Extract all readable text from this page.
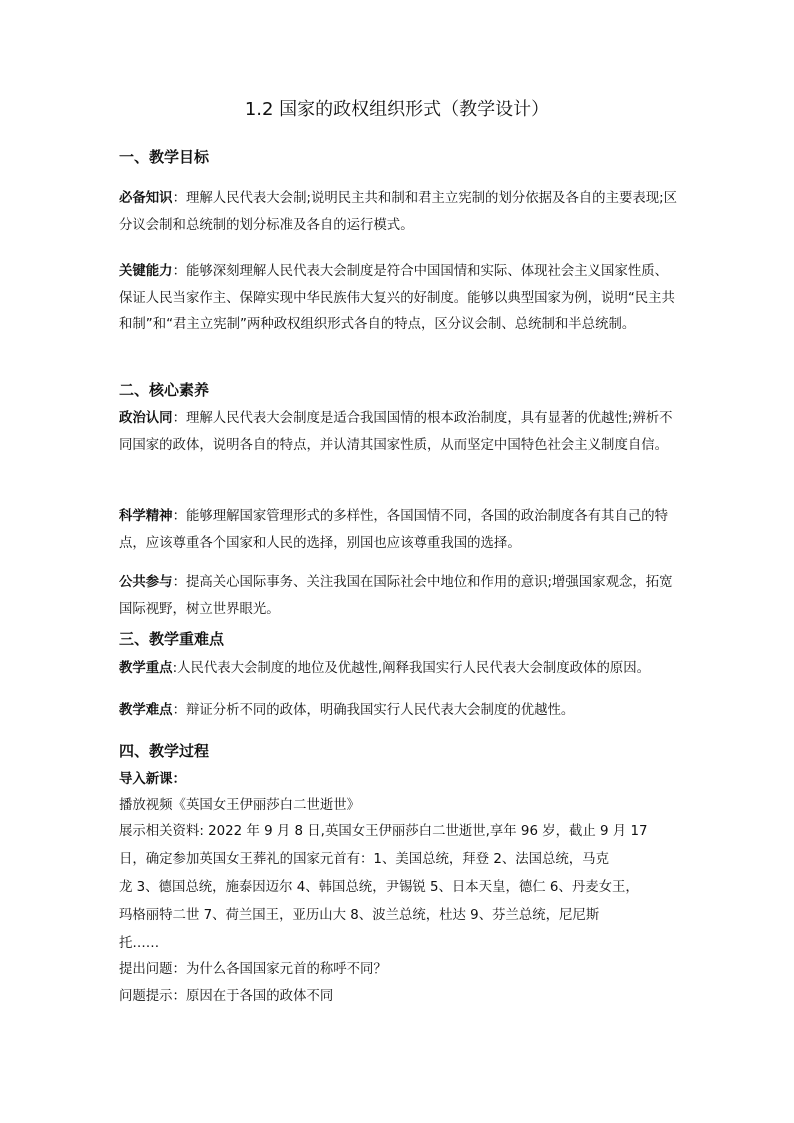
1.2 国家的政权组织形式（教学设计）
一、教学目标
必备知识：理解人民代表大会制;说明民主共和制和君主立宪制的划分依据及各自的主要表现;区分议会制和总统制的划分标准及各自的运行模式。
关键能力：能够深刻理解人民代表大会制度是符合中国国情和实际、体现社会主义国家性质、保证人民当家作主、保障实现中华民族伟大复兴的好制度。能够以典型国家为例，说明“民主共和制”和“君主立宪制”两种政权组织形式各自的特点，区分议会制、总统制和半总统制。
二、核心素养
政治认同：理解人民代表大会制度是适合我国国情的根本政治制度，具有显著的优越性;辨析不同国家的政体，说明各自的特点，并认清其国家性质，从而坚定中国特色社会主义制度自信。
科学精神：能够理解国家管理形式的多样性，各国国情不同，各国的政治制度各有其自己的特点，应该尊重各个国家和人民的选择，别国也应该尊重我国的选择。
公共参与：提高关心国际事务、关注我国在国际社会中地位和作用的意识;增强国家观念，拓宽国际视野，树立世界眼光。
三、教学重难点
教学重点:人民代表大会制度的地位及优越性,阐释我国实行人民代表大会制度政体的原因。
教学难点：辩证分析不同的政体，明确我国实行人民代表大会制度的优越性。
四、教学过程
导入新课：
播放视频《英国女王伊丽莎白二世逝世》
展示相关资料: 2022 年 9 月 8 日,英国女王伊丽莎白二世逝世,享年 96 岁，截止 9 月 17
日，确定参加英国女王葬礼的国家元首有：1、美国总统，拜登 2、法国总统，马克
龙 3、德国总统，施泰因迈尔 4、韩国总统，尹锡锐 5、日本天皇，德仁 6、丹麦女王，
玛格丽特二世 7、荷兰国王，亚历山大 8、波兰总统，杜达 9、芬兰总统，尼尼斯
托……
提出问题：为什么各国国家元首的称呼不同？
问题提示：原因在于各国的政体不同
